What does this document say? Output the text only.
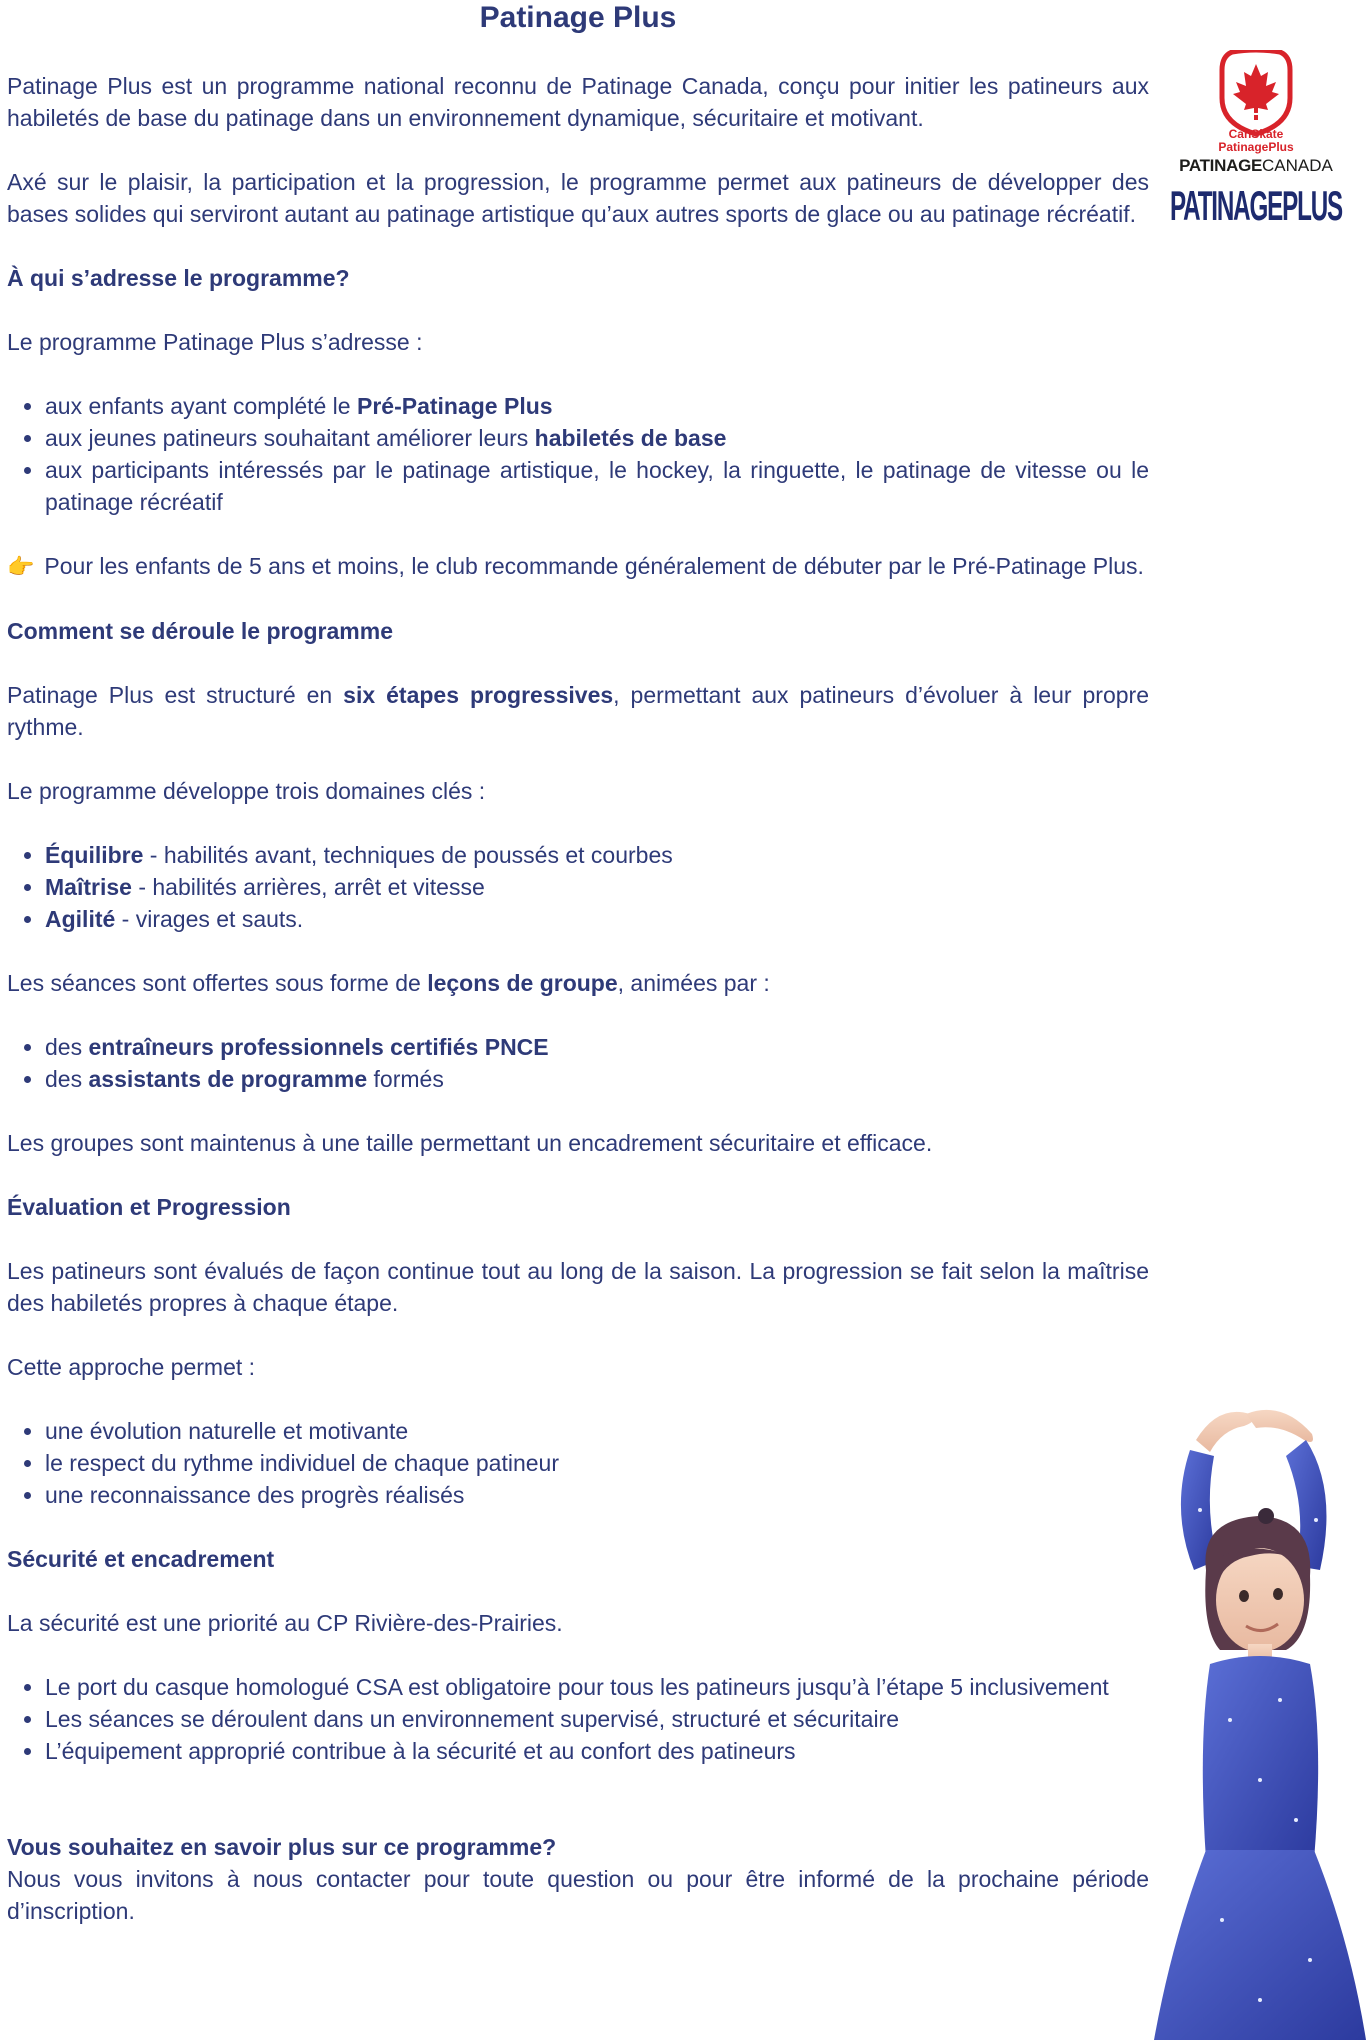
Patinage Plus
CanSkate
PatinagePlus
PATINAGECANADA
PATINAGEPLUS

Patinage Plus est un programme national reconnu de Patinage Canada, conçu pour initier les patineurs aux habiletés de base du patinage dans un environnement dynamique, sécuritaire et motivant.

Axé sur le plaisir, la participation et la progression, le programme permet aux patineurs de développer des bases solides qui serviront autant au patinage artistique qu’aux autres sports de glace ou au patinage récréatif.

À qui s’adresse le programme?

Le programme Patinage Plus s’adresse :

• aux enfants ayant complété le Pré-Patinage Plus
• aux jeunes patineurs souhaitant améliorer leurs habiletés de base
• aux participants intéressés par le patinage artistique, le hockey, la ringuette, le patinage de vitesse ou le patinage récréatif

👉 Pour les enfants de 5 ans et moins, le club recommande généralement de débuter par le Pré-Patinage Plus.

Comment se déroule le programme

Patinage Plus est structuré en six étapes progressives, permettant aux patineurs d’évoluer à leur propre rythme.

Le programme développe trois domaines clés :

• Équilibre - habilités avant, techniques de poussés et courbes
• Maîtrise - habilités arrières, arrêt et vitesse
• Agilité - virages et sauts.

Les séances sont offertes sous forme de leçons de groupe, animées par :

• des entraîneurs professionnels certifiés PNCE
• des assistants de programme formés

Les groupes sont maintenus à une taille permettant un encadrement sécuritaire et efficace.

Évaluation et Progression

Les patineurs sont évalués de façon continue tout au long de la saison. La progression se fait selon la maîtrise des habiletés propres à chaque étape.

Cette approche permet :

• une évolution naturelle et motivante
• le respect du rythme individuel de chaque patineur
• une reconnaissance des progrès réalisés
Sécurité et encadrement

La sécurité est une priorité au CP Rivière-des-Prairies.

• Le port du casque homologué CSA est obligatoire pour tous les patineurs jusqu’à l’étape 5 inclusivement
• Les séances se déroulent dans un environnement supervisé, structuré et sécuritaire
• L’équipement approprié contribue à la sécurité et au confort des patineurs
Vous souhaitez en savoir plus sur ce programme?

Nous vous invitons à nous contacter pour toute question ou pour être informé de la prochaine période d’inscription.
